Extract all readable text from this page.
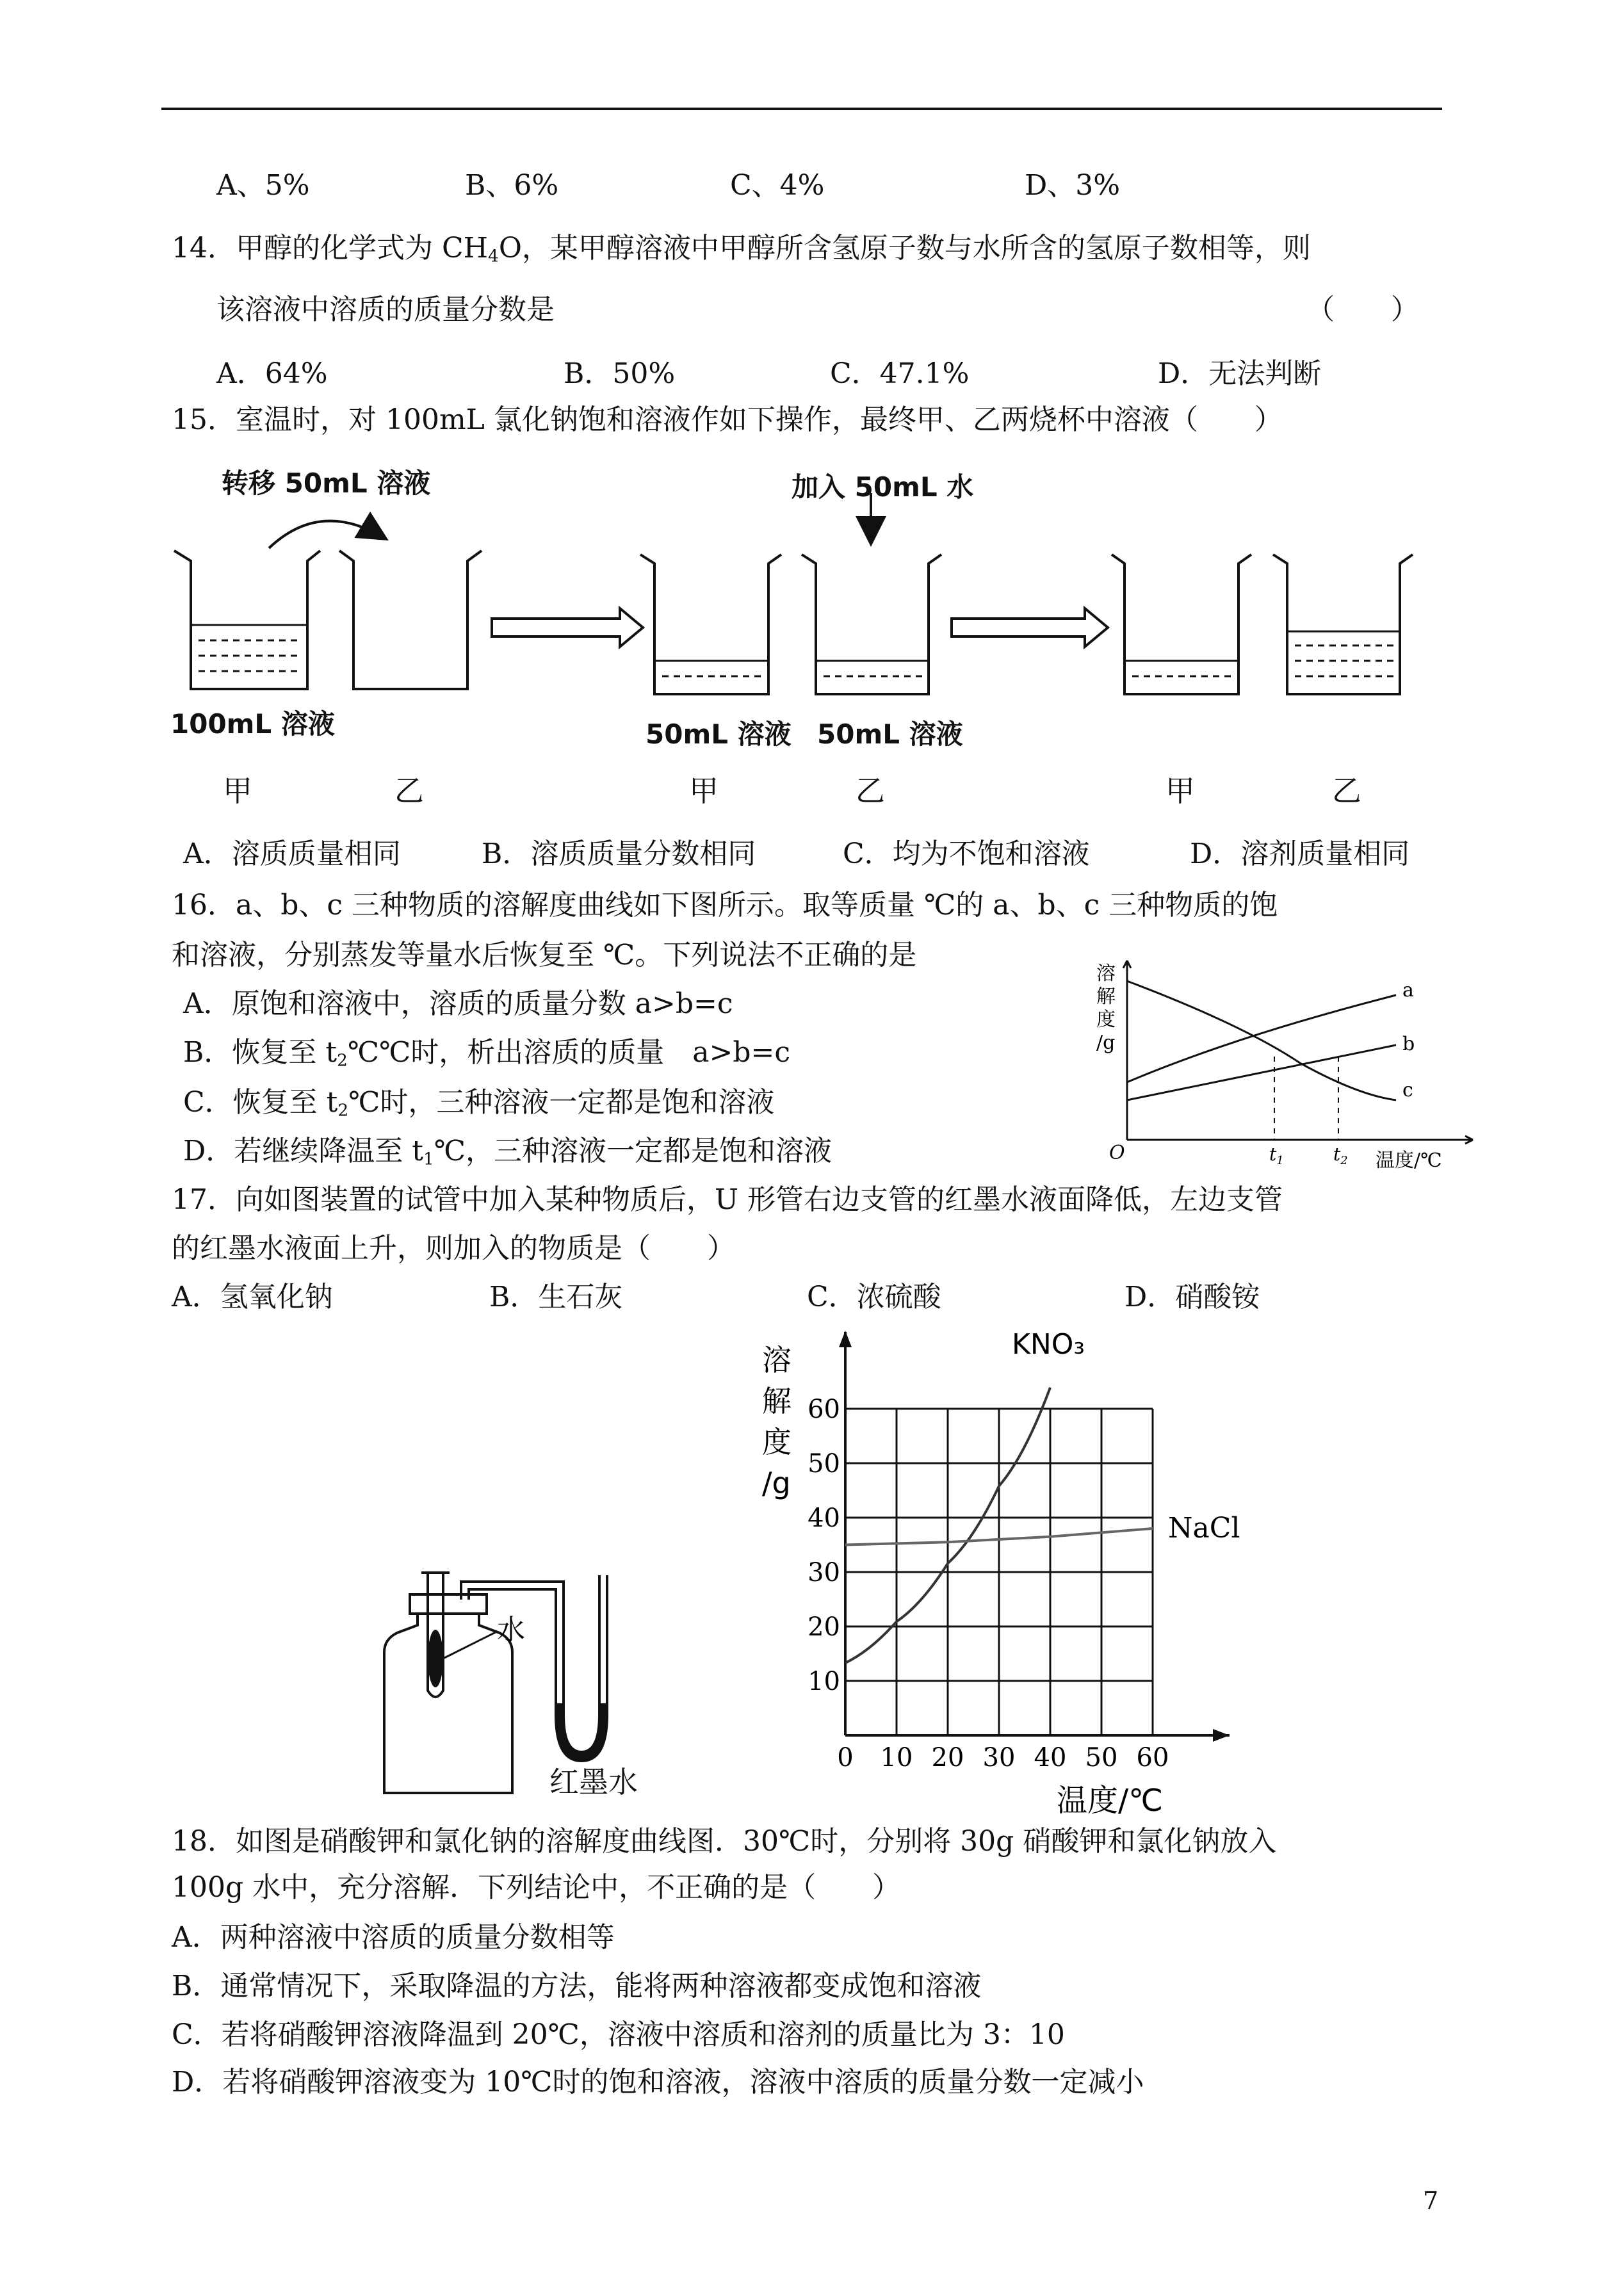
A、5%	B、6%	C、4%	D、3%
14．甲醇的化学式为 $CH_4O$，某甲醇溶液中甲醇所含氢原子数与水所含的氢原子数相等，则
该溶液中溶质的质量分数是	（　　）
A．64%	B．50%	C．47.1%	D．无法判断
15．室温时，对 100mL 氯化钠饱和溶液作如下操作，最终甲、乙两烧杯中溶液（　　）
转移 50mL 溶液	加入 50mL 水
100mL 溶液	50mL 溶液 50mL 溶液
甲	乙	甲	乙	甲	乙
A．溶质质量相同	B．溶质质量分数相同	C．均为不饱和溶液	D．溶剂质量相同
16．a、b、c 三种物质的溶解度曲线如下图所示。取等质量 ℃的 a、b、c 三种物质的饱
和溶液，分别蒸发等量水后恢复至 ℃。下列说法不正确的是
A．原饱和溶液中，溶质的质量分数 a>b=c
B．恢复至 $t_2℃℃$时，析出溶质的质量　a>b=c
C．恢复至 $t_2℃$时，三种溶液一定都是饱和溶液
D．若继续降温至 $t_1℃$，三种溶液一定都是饱和溶液
溶
解
度
/g
O	$t_1$	$t_2$ 温度/℃
a
b
c
17．向如图装置的试管中加入某种物质后，U 形管右边支管的红墨水液面降低，左边支管
的红墨水液面上升，则加入的物质是（　　）
A．氢氧化钠	B．生石灰	C．浓硫酸	D．硝酸铵
水
红墨水
0 10 20 30 40 50 60
10
20
30
40
50
60
溶
解
度
/g
温度/℃
KNO₃
NaCl
18．如图是硝酸钾和氯化钠的溶解度曲线图．30℃时，分别将 30g 硝酸钾和氯化钠放入
100g 水中，充分溶解．下列结论中，不正确的是（　　）
A．两种溶液中溶质的质量分数相等
B．通常情况下，采取降温的方法，能将两种溶液都变成饱和溶液
C．若将硝酸钾溶液降温到 20℃，溶液中溶质和溶剂的质量比为 3：10
D．若将硝酸钾溶液变为 10℃时的饱和溶液，溶液中溶质的质量分数一定减小
7
